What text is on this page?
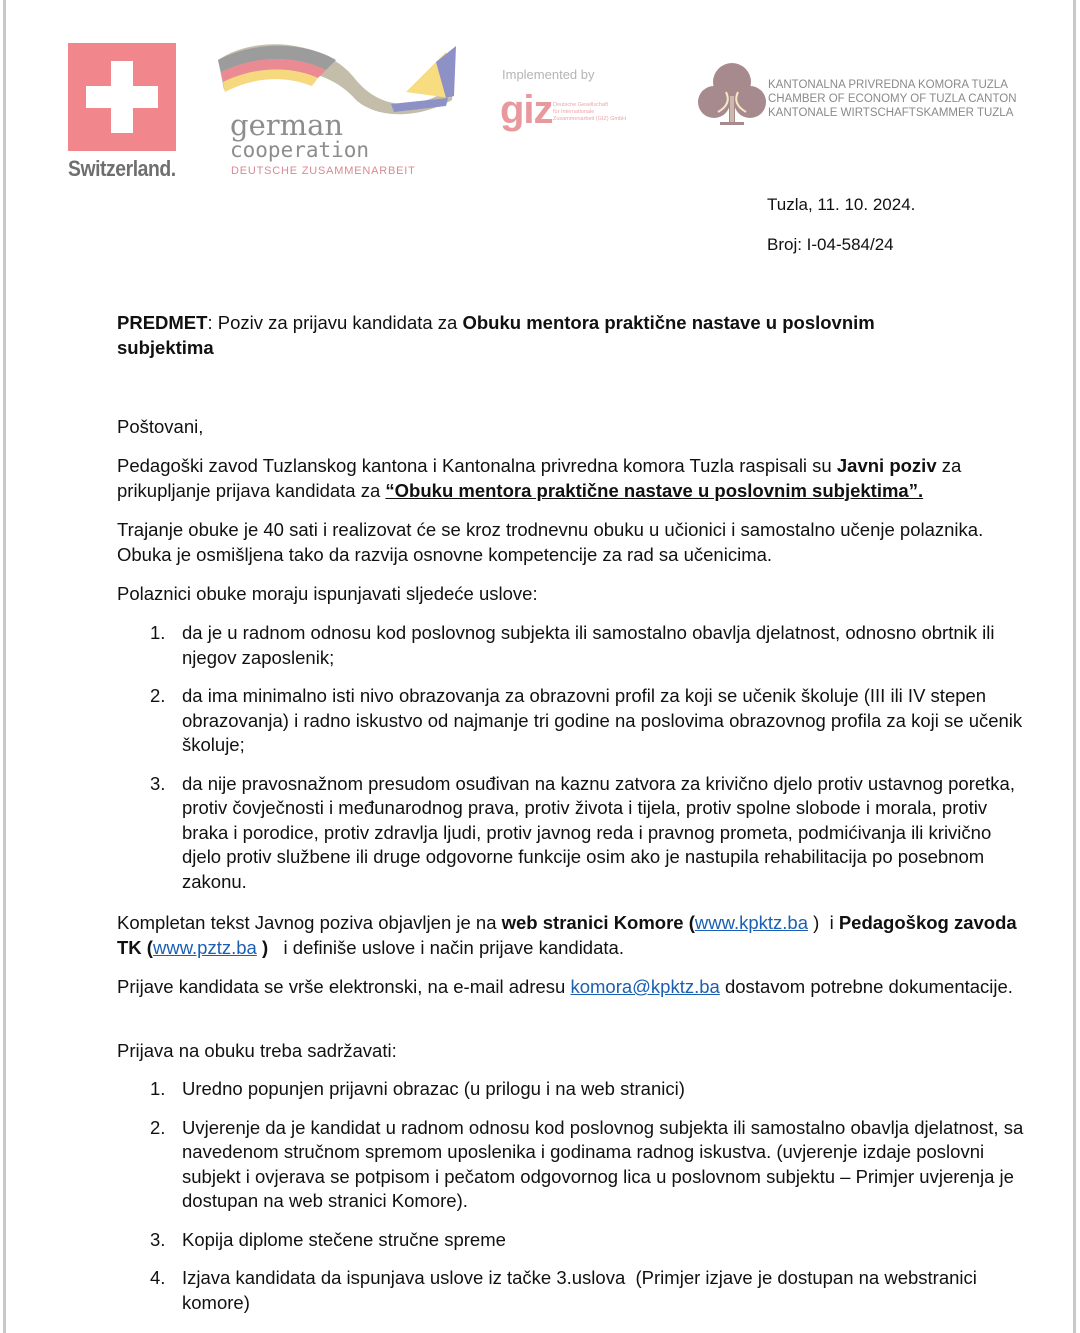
Switzerland.
german
cooperation
DEUTSCHE ZUSAMMENARBEIT
Implemented by
giz Deutsche Gesellschaft
für Internationale
Zusammenarbeit (GIZ) GmbH
KANTONALNA PRIVREDNA KOMORA TUZLA
CHAMBER OF ECONOMY OF TUZLA CANTON
KANTONALE WIRTSCHAFTSKAMMER TUZLA
Tuzla, 11. 10. 2024.
Broj: I-04-584/24
PREDMET: Poziv za prijavu kandidata za Obuku mentora praktične nastave u poslovnim
subjektima
Poštovani,
Pedagoški zavod Tuzlanskog kantona i Kantonalna privredna komora Tuzla raspisali su Javni poziv za prikupljanje prijava kandidata za “Obuku mentora praktične nastave u poslovnim subjektima”.
Trajanje obuke je 40 sati i realizovat će se kroz trodnevnu obuku u učionici i samostalno učenje polaznika. Obuka je osmišljena tako da razvija osnovne kompetencije za rad sa učenicima.
Polaznici obuke moraju ispunjavati sljedeće uslove:
1. da je u radnom odnosu kod poslovnog subjekta ili samostalno obavlja djelatnost, odnosno obrtnik ili njegov zaposlenik;
2. da ima minimalno isti nivo obrazovanja za obrazovni profil za koji se učenik školuje (III ili IV stepen obrazovanja) i radno iskustvo od najmanje tri godine na poslovima obrazovnog profila za koji se učenik školuje;
3. da nije pravosnažnom presudom osuđivan na kaznu zatvora za krivično djelo protiv ustavnog poretka, protiv čovječnosti i međunarodnog prava, protiv života i tijela, protiv spolne slobode i morala, protiv braka i porodice, protiv zdravlja ljudi, protiv javnog reda i pravnog prometa, podmićivanja ili krivično djelo protiv službene ili druge odgovorne funkcije osim ako je nastupila rehabilitacija po posebnom zakonu.
Kompletan tekst Javnog poziva objavljen je na web stranici Komore (www.kpktz.ba )  i Pedagoškog zavoda TK (www.pztz.ba )   i definiše uslove i način prijave kandidata.
Prijave kandidata se vrše elektronski, na e-mail adresu komora@kpktz.ba dostavom potrebne dokumentacije.
Prijava na obuku treba sadržavati:
1. Uredno popunjen prijavni obrazac (u prilogu i na web stranici)
2. Uvjerenje da je kandidat u radnom odnosu kod poslovnog subjekta ili samostalno obavlja djelatnost, sa navedenom stručnom spremom uposlenika i godinama radnog iskustva. (uvjerenje izdaje poslovni subjekt i ovjerava se potpisom i pečatom odgovornog lica u poslovnom subjektu – Primjer uvjerenja je dostupan na web stranici Komore).
3. Kopija diplome stečene stručne spreme
4. Izjava kandidata da ispunjava uslove iz tačke 3.uslova  (Primjer izjave je dostupan na webstranici komore)
